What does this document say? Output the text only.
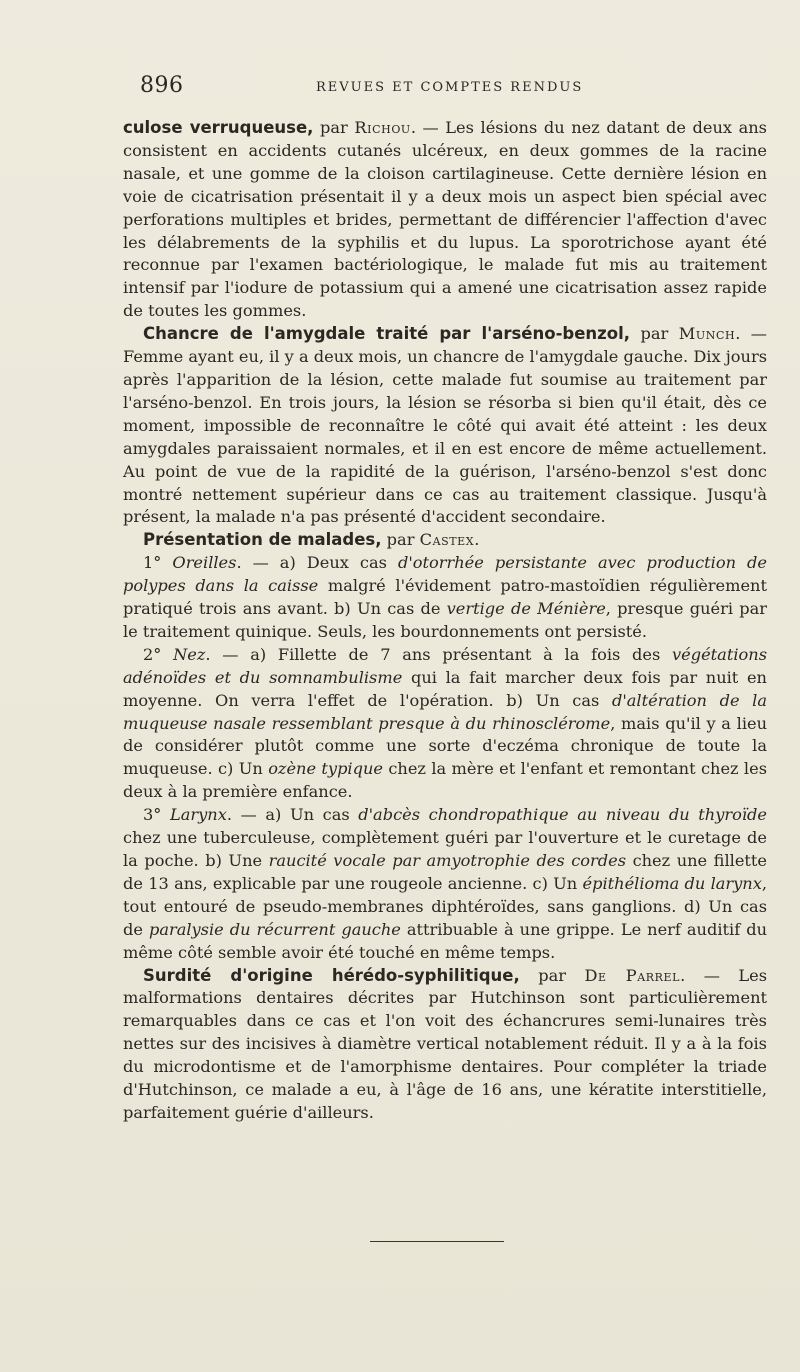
896	REVUES ET COMPTES RENDUS

culose verruqueuse, par Richou. — Les lésions du nez datant de deux ans consistent en accidents cutanés ulcéreux, en deux gommes de la racine nasale, et une gomme de la cloison cartilagineuse. Cette dernière lésion en voie de cicatrisation présentait il y a deux mois un aspect bien spécial avec perforations multiples et brides, permettant de différencier l'affection d'avec les délabrements de la syphilis et du lupus. La sporotrichose ayant été reconnue par l'examen bactériologique, le malade fut mis au traitement intensif par l'iodure de potassium qui a amené une cicatrisation assez rapide de toutes les gommes.

Chancre de l'amygdale traité par l'arséno-benzol, par Munch. — Femme ayant eu, il y a deux mois, un chancre de l'amygdale gauche. Dix jours après l'apparition de la lésion, cette malade fut soumise au traitement par l'arséno-benzol. En trois jours, la lésion se résorba si bien qu'il était, dès ce moment, impossible de reconnaître le côté qui avait été atteint : les deux amygdales paraissaient normales, et il en est encore de même actuellement. Au point de vue de la rapidité de la guérison, l'arséno-benzol s'est donc montré nettement supérieur dans ce cas au traitement classique. Jusqu'à présent, la malade n'a pas présenté d'accident secondaire.

Présentation de malades, par Castex.

1° Oreilles. — a) Deux cas d'otorrhée persistante avec production de polypes dans la caisse malgré l'évidement patro-mastoïdien régulièrement pratiqué trois ans avant. b) Un cas de vertige de Ménière, presque guéri par le traitement quinique. Seuls, les bourdonnements ont persisté.

2° Nez. — a) Fillette de 7 ans présentant à la fois des végétations adénoïdes et du somnambulisme qui la fait marcher deux fois par nuit en moyenne. On verra l'effet de l'opération. b) Un cas d'altération de la muqueuse nasale ressemblant presque à du rhinosclérome, mais qu'il y a lieu de considérer plutôt comme une sorte d'eczéma chronique de toute la muqueuse. c) Un ozène typique chez la mère et l'enfant et remontant chez les deux à la première enfance.

3° Larynx. — a) Un cas d'abcès chondropathique au niveau du thyroïde chez une tuberculeuse, complètement guéri par l'ouverture et le curetage de la poche. b) Une raucité vocale par amyotrophie des cordes chez une fillette de 13 ans, explicable par une rougeole ancienne. c) Un épithélioma du larynx, tout entouré de pseudo-membranes diphtéroïdes, sans ganglions. d) Un cas de paralysie du récurrent gauche attribuable à une grippe. Le nerf auditif du même côté semble avoir été touché en même temps.

Surdité d'origine hérédo-syphilitique, par De Parrel. — Les malformations dentaires décrites par Hutchinson sont particulièrement remarquables dans ce cas et l'on voit des échancrures semi-lunaires très nettes sur des incisives à diamètre vertical notablement réduit. Il y a à la fois du microdontisme et de l'amorphisme dentaires. Pour compléter la triade d'Hutchinson, ce malade a eu, à l'âge de 16 ans, une kératite interstitielle, parfaitement guérie d'ailleurs.
